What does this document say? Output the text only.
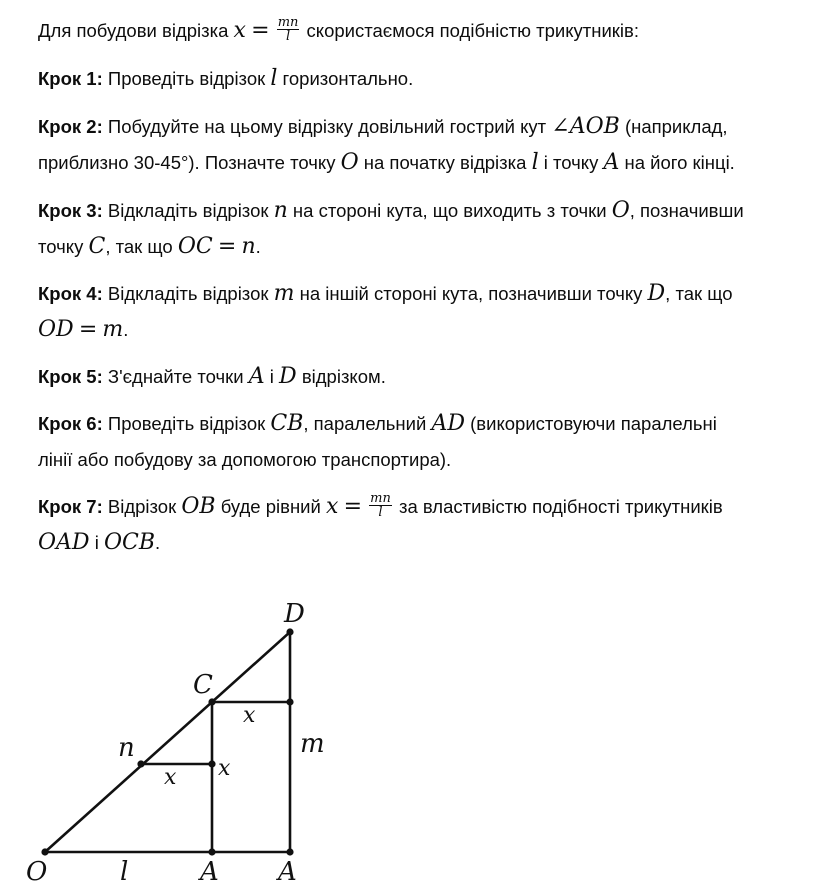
Для побудови відрізка $x = \frac{mn}{l}$ скористаємося подібністю трикутників:
Крок 1: Проведіть відрізок l горизонтально.
Крок 2: Побудуйте на цьому відрізку довільний гострий кут ∠AOB (наприклад,
приблизно 30-45°). Позначте точку O на початку відрізка l і точку A на його кінці.
Крок 3: Відкладіть відрізок n на стороні кута, що виходить з точки O, позначивши
точку C, так що OC = n.
Крок 4: Відкладіть відрізок m на іншій стороні кута, позначивши точку D, так що
OD = m.
Крок 5: З'єднайте точки A і D відрізком.
Крок 6: Проведіть відрізок CB, паралельний AD (використовуючи паралельні
лінії або побудову за допомогою транспортира).
Крок 7: Відрізок OB буде рівний $x = \frac{mn}{l}$ за властивістю подібності трикутників
OAD і OCB.
O	l	A A
C
D
n	m
x
x
x
